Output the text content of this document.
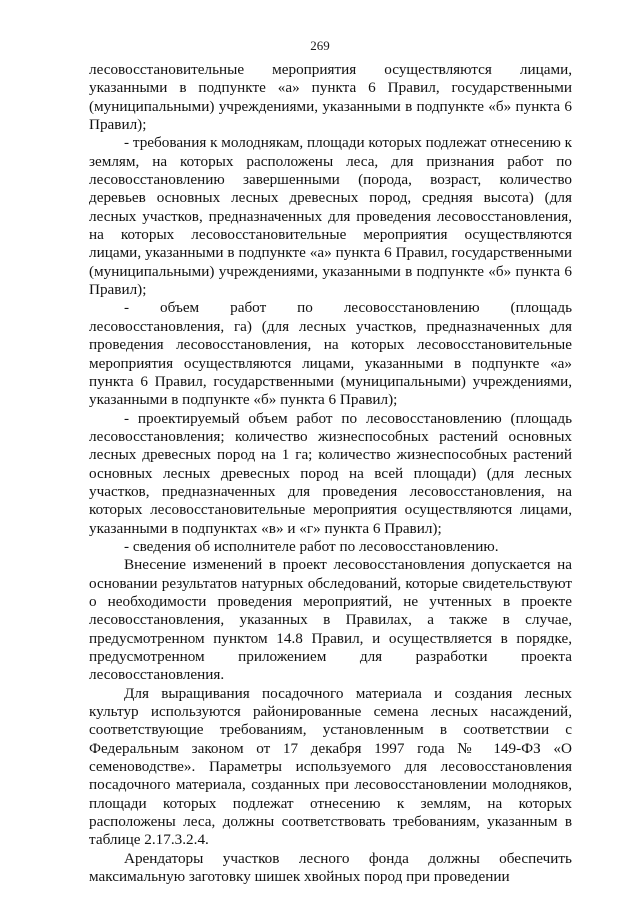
269

лесовосстановительные мероприятия осуществляются лицами, указанными в подпункте «а» пункта 6 Правил, государственными (муниципальными) учреждениями, указанными в подпункте «б» пункта 6 Правил);

- требования к молоднякам, площади которых подлежат отнесению к землям, на которых расположены леса, для признания работ по лесовосстановлению завершенными (порода, возраст, количество деревьев основных лесных древесных пород, средняя высота) (для лесных участков, предназначенных для проведения лесовосстановления, на которых лесовосстановительные мероприятия осуществляются лицами, указанными в подпункте «а» пункта 6 Правил, государственными (муниципальными) учреждениями, указанными в подпункте «б» пункта 6 Правил);

- объем работ по лесовосстановлению (площадь лесовосстановления, га) (для лесных участков, предназначенных для проведения лесовосстановления, на которых лесовосстановительные мероприятия осуществляются лицами, указанными в подпункте «а» пункта 6 Правил, государственными (муниципальными) учреждениями, указанными в подпункте «б» пункта 6 Правил);

- проектируемый объем работ по лесовосстановлению (площадь лесовосстановления; количество жизнеспособных растений основных лесных древесных пород на 1 га; количество жизнеспособных растений основных лесных древесных пород на всей площади) (для лесных участков, предназначенных для проведения лесовосстановления, на которых лесовосстановительные мероприятия осуществляются лицами, указанными в подпунктах «в» и «г» пункта 6 Правил);

- сведения об исполнителе работ по лесовосстановлению.

Внесение изменений в проект лесовосстановления допускается на основании результатов натурных обследований, которые свидетельствуют о необходимости проведения мероприятий, не учтенных в проекте лесовосстановления, указанных в Правилах, а также в случае, предусмотренном пунктом 14.8 Правил, и осуществляется в порядке, предусмотренном приложением для разработки проекта лесовосстановления.

Для выращивания посадочного материала и создания лесных культур используются районированные семена лесных насаждений, соответствующие требованиям, установленным в соответствии с Федеральным законом от 17 декабря 1997 года № 149-ФЗ «О семеноводстве». Параметры используемого для лесовосстановления посадочного материала, созданных при лесовосстановлении молодняков, площади которых подлежат отнесению к землям, на которых расположены леса, должны соответствовать требованиям, указанным в таблице 2.17.3.2.4.

Арендаторы участков лесного фонда должны обеспечить максимальную заготовку шишек хвойных пород при проведении
